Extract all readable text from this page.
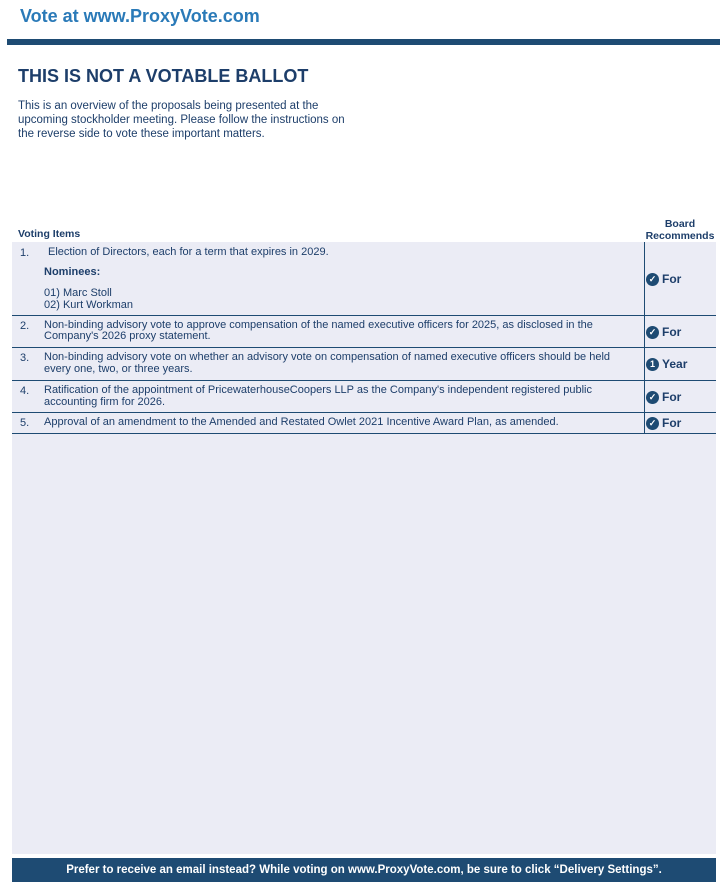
Vote at www.ProxyVote.com
THIS IS NOT A VOTABLE BALLOT
This is an overview of the proposals being presented at the
upcoming stockholder meeting. Please follow the instructions on
the reverse side to vote these important matters.
Voting Items
Board
Recommends
1. Election of Directors, each for a term that expires in 2029.
Nominees:
01) Marc Stoll
02) Kurt Workman
✓ For
2. Non-binding advisory vote to approve compensation of the named executive officers for 2025, as disclosed in the
Company's 2026 proxy statement.	✓ For
3. Non-binding advisory vote on whether an advisory vote on compensation of named executive officers should be held
every one, two, or three years.	1 Year
4. Ratification of the appointment of PricewaterhouseCoopers LLP as the Company's independent registered public
accounting firm for 2026.	✓ For
5. Approval of an amendment to the Amended and Restated Owlet 2021 Incentive Award Plan, as amended.	✓ For
Prefer to receive an email instead? While voting on www.ProxyVote.com, be sure to click “Delivery Settings”.
